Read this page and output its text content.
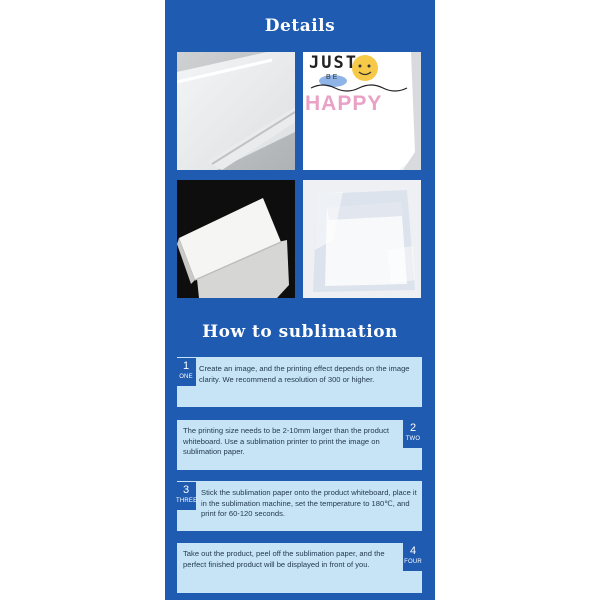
Details
How to sublimation
JUST
BE
HAPPY
1
ONE
Create an image, and the printing effect depends on the image clarity. We recommend a resolution of 300 or higher.
2
TWO
The printing size needs to be 2-10mm larger than the product whiteboard. Use a sublimation printer to print the image on sublimation paper.
3
THREE
Stick the sublimation paper onto the product whiteboard, place it in the sublimation machine, set the temperature to 180℃, and print for 60-120 seconds.
4
FOUR
Take out the product, peel off the sublimation paper, and the perfect finished product will be displayed in front of you.
